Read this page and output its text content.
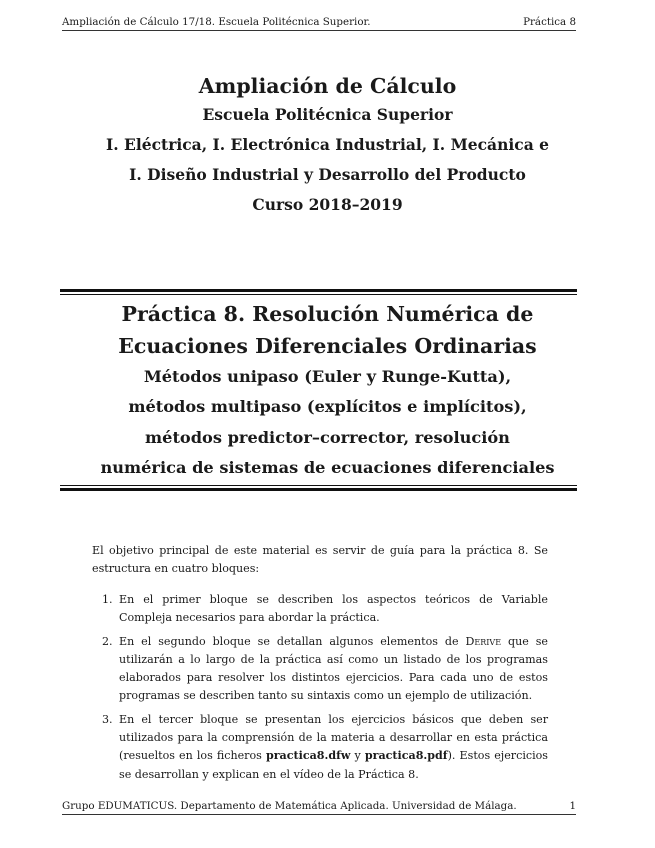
Ampliación de Cálculo 17/18. Escuela Politécnica Superior.	Práctica 8
Ampliación de Cálculo
Escuela Politécnica Superior
I. Eléctrica, I. Electrónica Industrial, I. Mecánica e
I. Diseño Industrial y Desarrollo del Producto
Curso 2018–2019
Práctica 8. Resolución Numérica de
Ecuaciones Diferenciales Ordinarias
Métodos unipaso (Euler y Runge-Kutta),
métodos multipaso (explícitos e implícitos),
métodos predictor–corrector, resolución
numérica de sistemas de ecuaciones diferenciales
El objetivo principal de este material es servir de guía para la práctica 8. Se estructura en cuatro bloques:
1. En el primer bloque se describen los aspectos teóricos de Variable Compleja necesarios para abordar la práctica.
2. En el segundo bloque se detallan algunos elementos de Derive que se utilizarán a lo largo de la práctica así como un listado de los programas elaborados para resolver los distintos ejercicios. Para cada uno de estos programas se describen tanto su sintaxis como un ejemplo de utilización.
3. En el tercer bloque se presentan los ejercicios básicos que deben ser utilizados para la comprensión de la materia a desarrollar en esta práctica (resueltos en los ficheros practica8.dfw y practica8.pdf). Estos ejercicios se desarrollan y explican en el vídeo de la Práctica 8.
Grupo EDUMATICUS. Departamento de Matemática Aplicada. Universidad de Málaga.	1
